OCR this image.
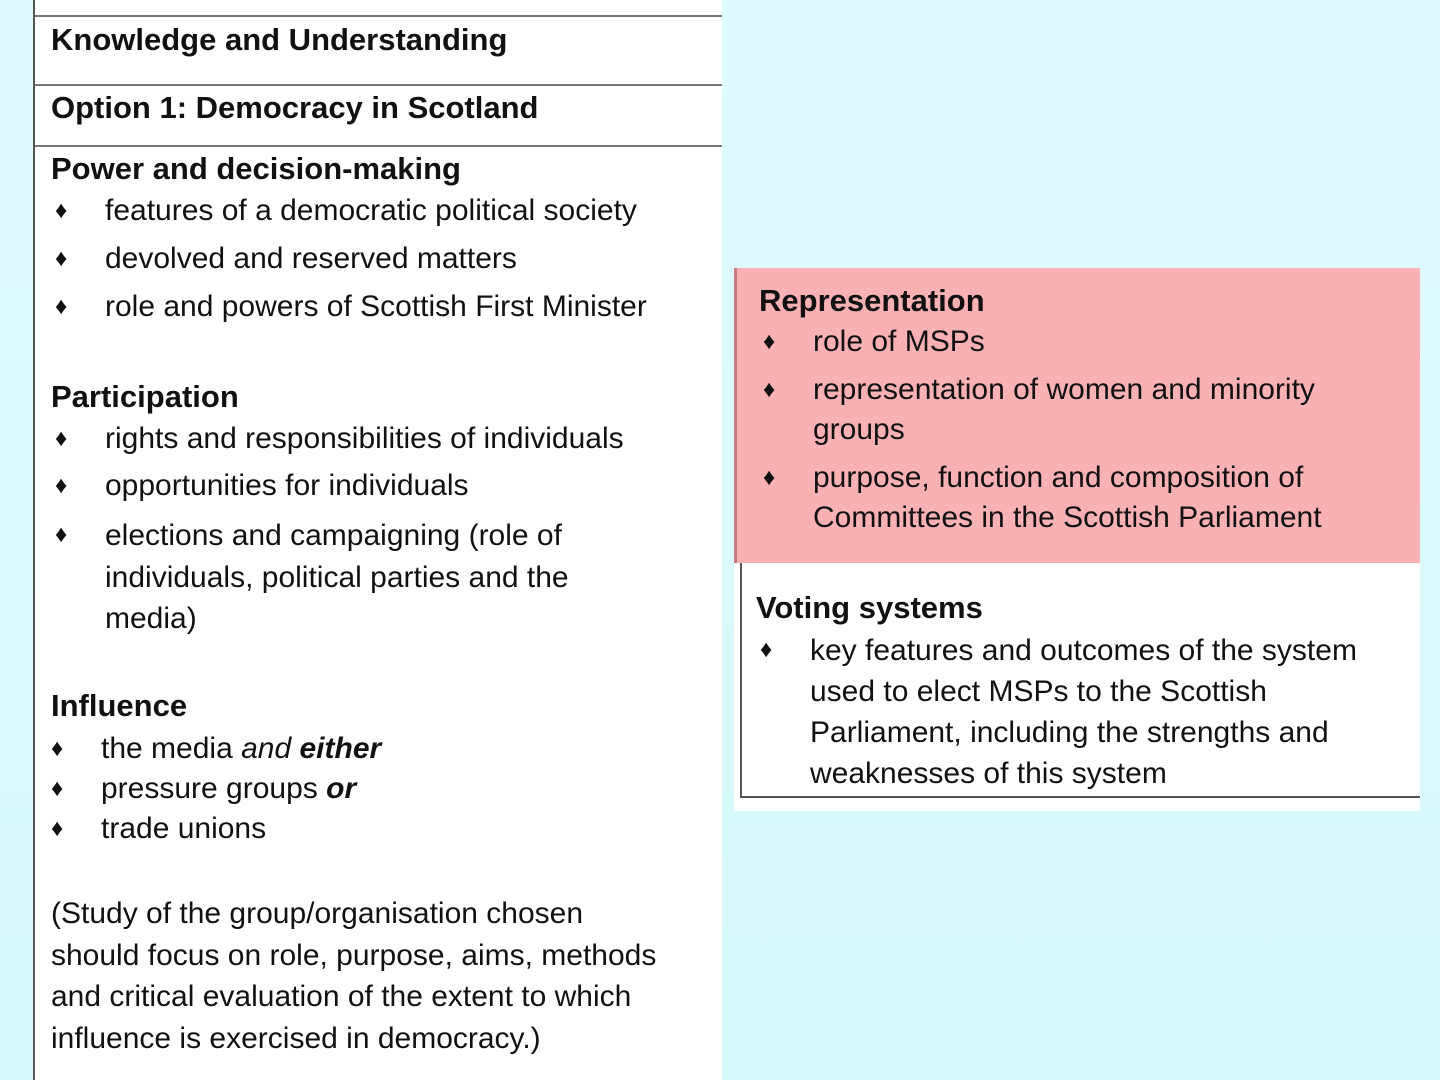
Knowledge and Understanding
Option 1: Democracy in Scotland
Power and decision-making
♦ features of a democratic political society
♦ devolved and reserved matters
♦ role and powers of Scottish First Minister
Participation
♦ rights and responsibilities of individuals
♦ opportunities for individuals
♦ elections and campaigning (role of
individuals, political parties and the
media)
Influence
♦ the media and either
♦ pressure groups or
♦ trade unions
(Study of the group/organisation chosen
should focus on role, purpose, aims, methods
and critical evaluation of the extent to which
influence is exercised in democracy.)
Representation
♦ role of MSPs
♦ representation of women and minority
groups
♦ purpose, function and composition of
Committees in the Scottish Parliament
Voting systems
♦ key features and outcomes of the system
used to elect MSPs to the Scottish
Parliament, including the strengths and
weaknesses of this system
